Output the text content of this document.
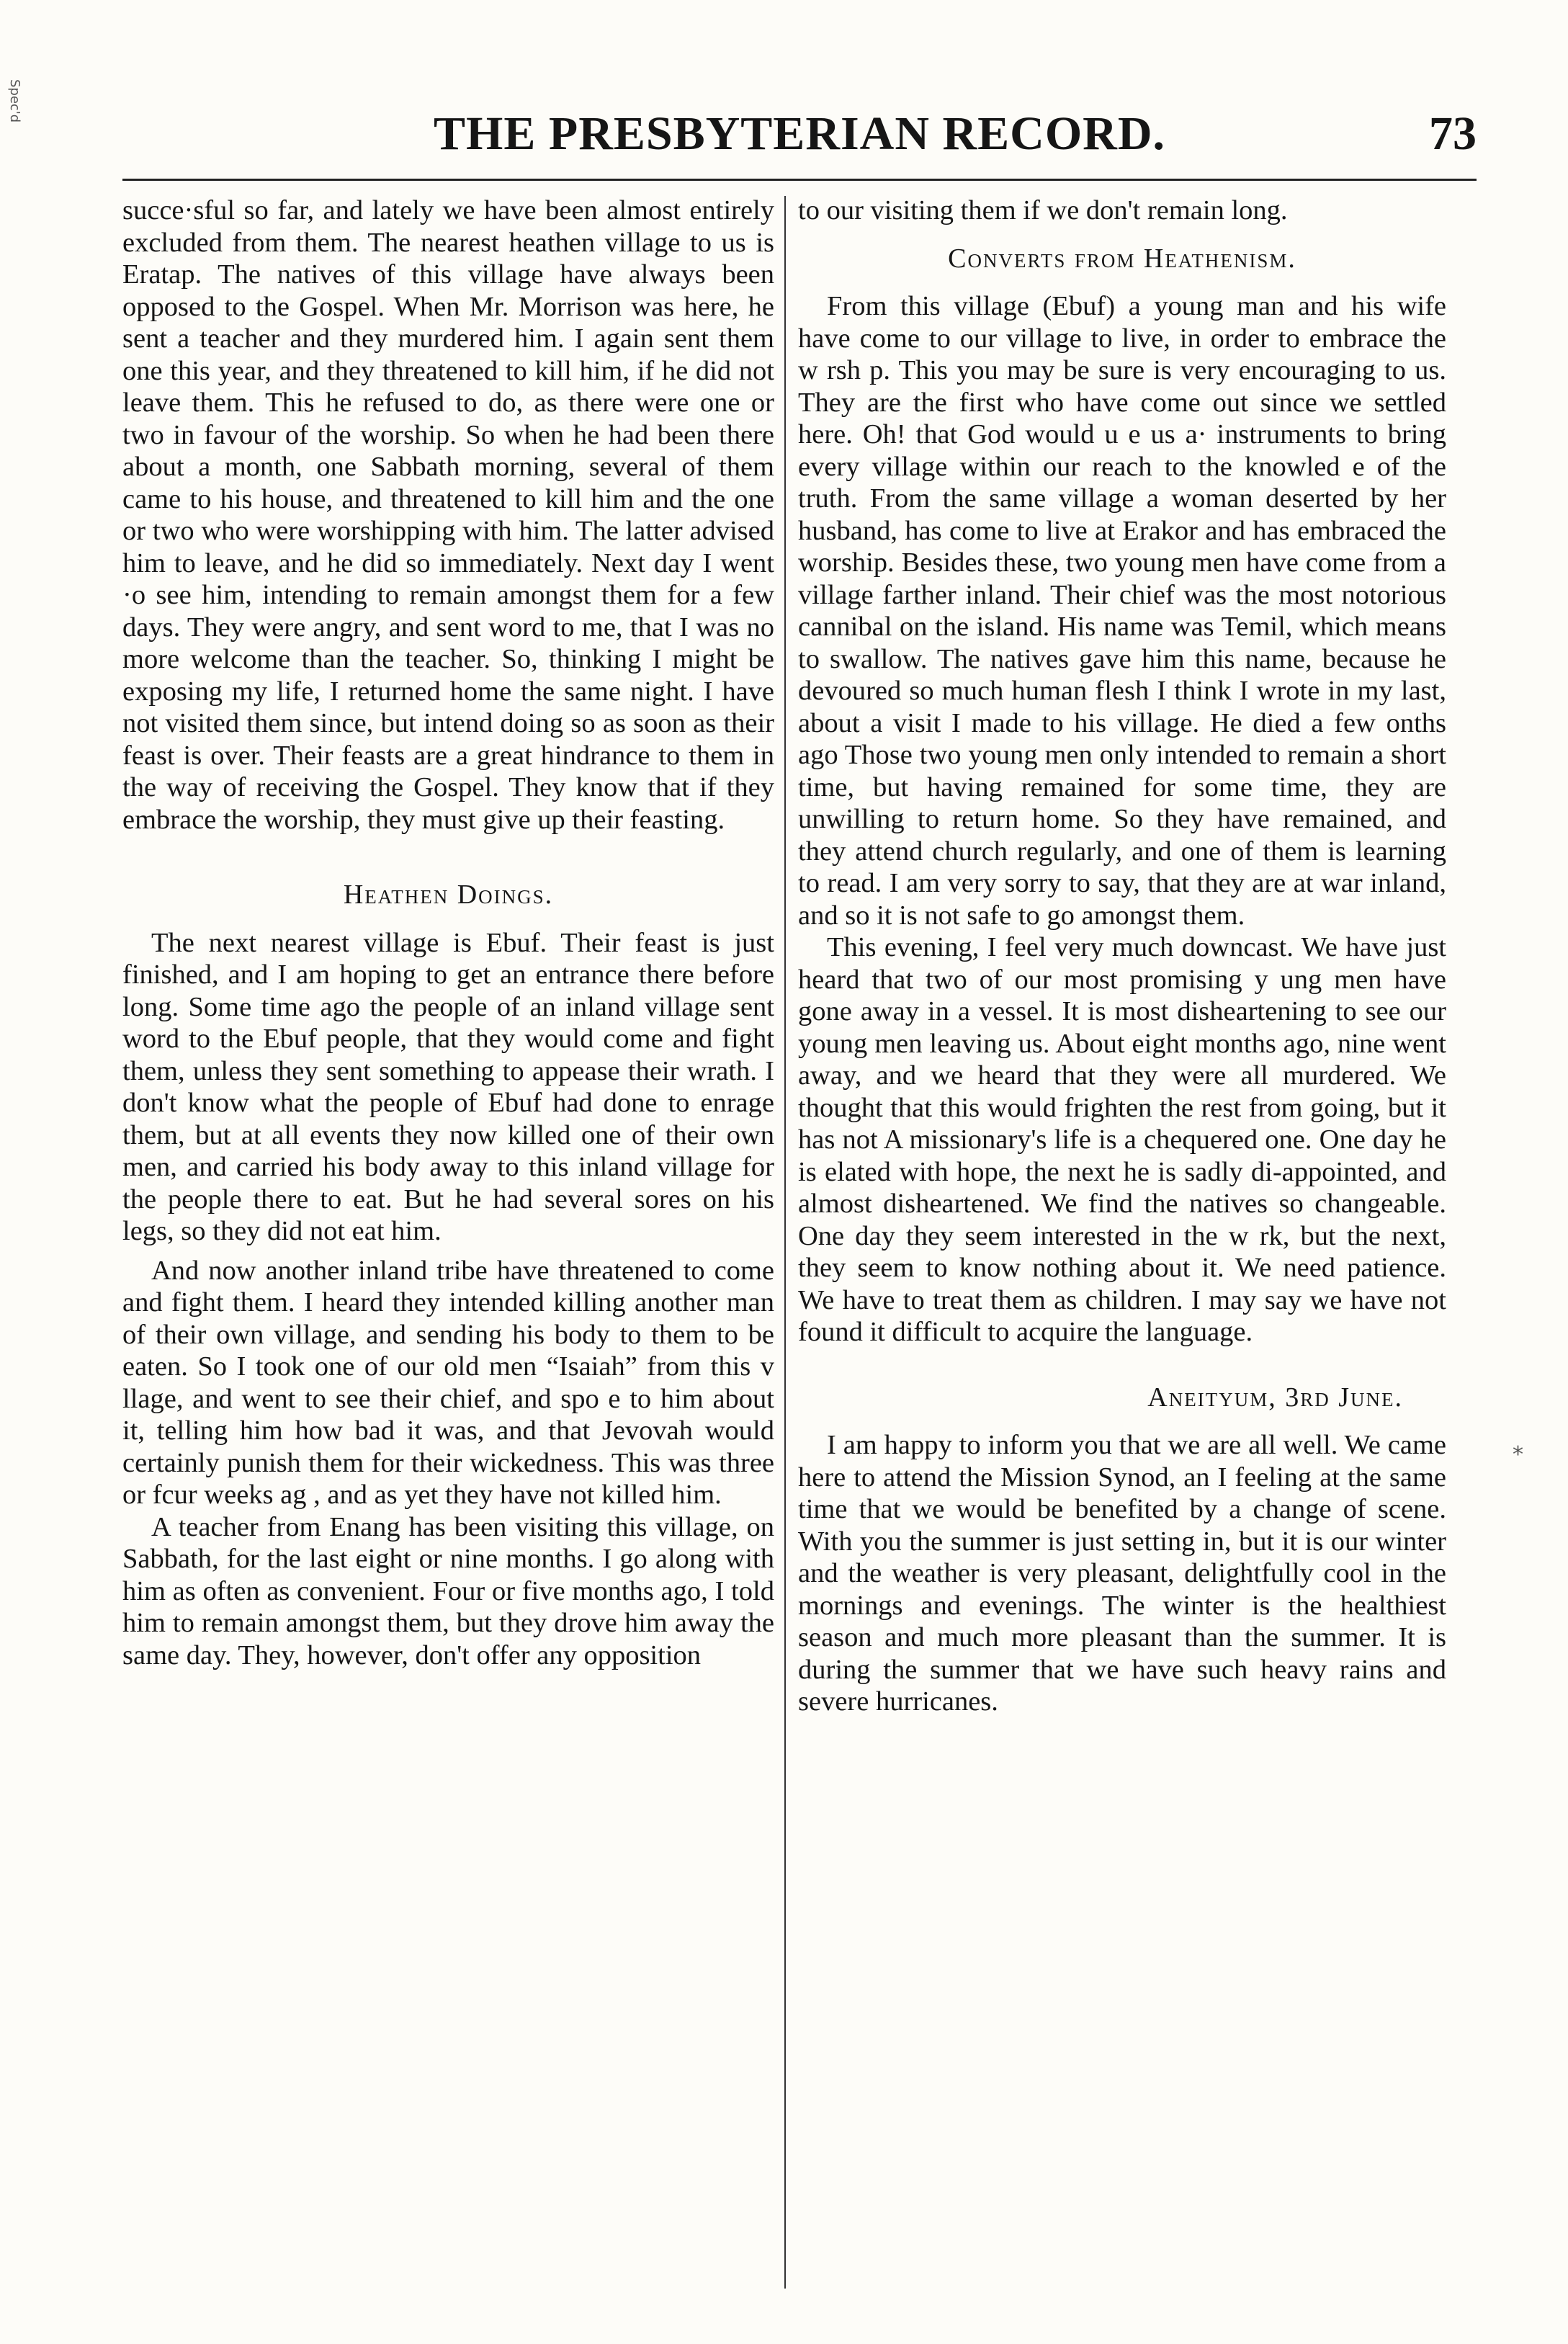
Spec'd
*
THE PRESBYTERIAN RECORD.	73

succe·sful so far, and lately we have been almost entirely excluded from them. The nearest heathen village to us is Eratap. The natives of this village have always been opposed to the Gospel. When Mr. Morrison was here, he sent a teacher and they murdered him. I again sent them one this year, and they threatened to kill him, if he did not leave them. This he refused to do, as there were one or two in favour of the worship. So when he had been there about a month, one Sabbath morning, several of them came to his house, and threatened to kill him and the one or two who were worshipping with him. The latter advised him to leave, and he did so immediately. Next day I went ·o see him, intending to remain amongst them for a few days. They were angry, and sent word to me, that I was no more welcome than the teacher. So, thinking I might be exposing my life, I returned home the same night. I have not visited them since, but intend doing so as soon as their feast is over. Their feasts are a great hindrance to them in the way of receiving the Gospel. They know that if they embrace the worship, they must give up their feasting.

Heathen Doings.

The next nearest village is Ebuf. Their feast is just finished, and I am hoping to get an entrance there before long. Some time ago the people of an inland village sent word to the Ebuf people, that they would come and fight them, unless they sent something to appease their wrath. I don't know what the people of Ebuf had done to enrage them, but at all events they now killed one of their own men, and carried his body away to this inland village for the people there to eat. But he had several sores on his legs, so they did not eat him.

And now another inland tribe have threatened to come and fight them. I heard they intended killing another man of their own village, and sending his body to them to be eaten. So I took one of our old men “Isaiah” from this v llage, and went to see their chief, and spo e to him about it, telling him how bad it was, and that Jevovah would certainly punish them for their wickedness. This was three or fcur weeks ag , and as yet they have not killed him.

A teacher from Enang has been visiting this village, on Sabbath, for the last eight or nine months. I go along with him as often as convenient. Four or five months ago, I told him to remain amongst them, but they drove him away the same day. They, however, don't offer any opposition

to our visiting them if we don't remain long.

Converts from Heathenism.

From this village (Ebuf) a young man and his wife have come to our village to live, in order to embrace the w rsh p. This you may be sure is very encouraging to us. They are the first who have come out since we settled here. Oh! that God would u e us a· instruments to bring every village within our reach to the knowled e of the truth. From the same village a woman deserted by her husband, has come to live at Erakor and has embraced the worship. Besides these, two young men have come from a village farther inland. Their chief was the most notorious cannibal on the island. His name was Temil, which means to swallow. The natives gave him this name, because he devoured so much human flesh I think I wrote in my last, about a visit I made to his village. He died a few onths ago Those two young men only intended to remain a short time, but having remained for some time, they are unwilling to return home. So they have remained, and they attend church regularly, and one of them is learning to read. I am very sorry to say, that they are at war inland, and so it is not safe to go amongst them.

This evening, I feel very much downcast. We have just heard that two of our most promising y ung men have gone away in a vessel. It is most disheartening to see our young men leaving us. About eight months ago, nine went away, and we heard that they were all murdered. We thought that this would frighten the rest from going, but it has not A missionary's life is a chequered one. One day he is elated with hope, the next he is sadly di-appointed, and almost disheartened. We find the natives so changeable. One day they seem interested in the w rk, but the next, they seem to know nothing about it. We need patience. We have to treat them as children. I may say we have not found it difficult to acquire the language.

Aneityum, 3rd June.

I am happy to inform you that we are all well. We came here to attend the Mission Synod, an I feeling at the same time that we would be benefited by a change of scene. With you the summer is just setting in, but it is our winter and the weather is very pleasant, delightfully cool in the mornings and evenings. The winter is the healthiest season and much more pleasant than the summer. It is during the summer that we have such heavy rains and severe hurricanes.
